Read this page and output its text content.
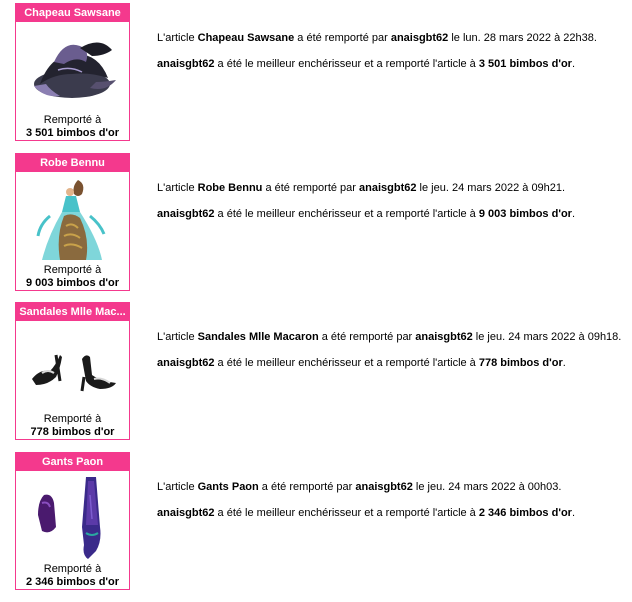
Chapeau Sawsane
Remporté à
3 501 bimbos d'or
L'article Chapeau Sawsane a été remporté par anaisgbt62 le lun. 28 mars 2022 à 22h38.
anaisgbt62 a été le meilleur enchérisseur et a remporté l'article à 3 501 bimbos d'or.
Robe Bennu
Remporté à
9 003 bimbos d'or
L'article Robe Bennu a été remporté par anaisgbt62 le jeu. 24 mars 2022 à 09h21.
anaisgbt62 a été le meilleur enchérisseur et a remporté l'article à 9 003 bimbos d'or.
Sandales Mlle Mac...
Remporté à
778 bimbos d'or
L'article Sandales Mlle Macaron a été remporté par anaisgbt62 le jeu. 24 mars 2022 à 09h18.
anaisgbt62 a été le meilleur enchérisseur et a remporté l'article à 778 bimbos d'or.
Gants Paon
Remporté à
2 346 bimbos d'or
L'article Gants Paon a été remporté par anaisgbt62 le jeu. 24 mars 2022 à 00h03.
anaisgbt62 a été le meilleur enchérisseur et a remporté l'article à 2 346 bimbos d'or.
